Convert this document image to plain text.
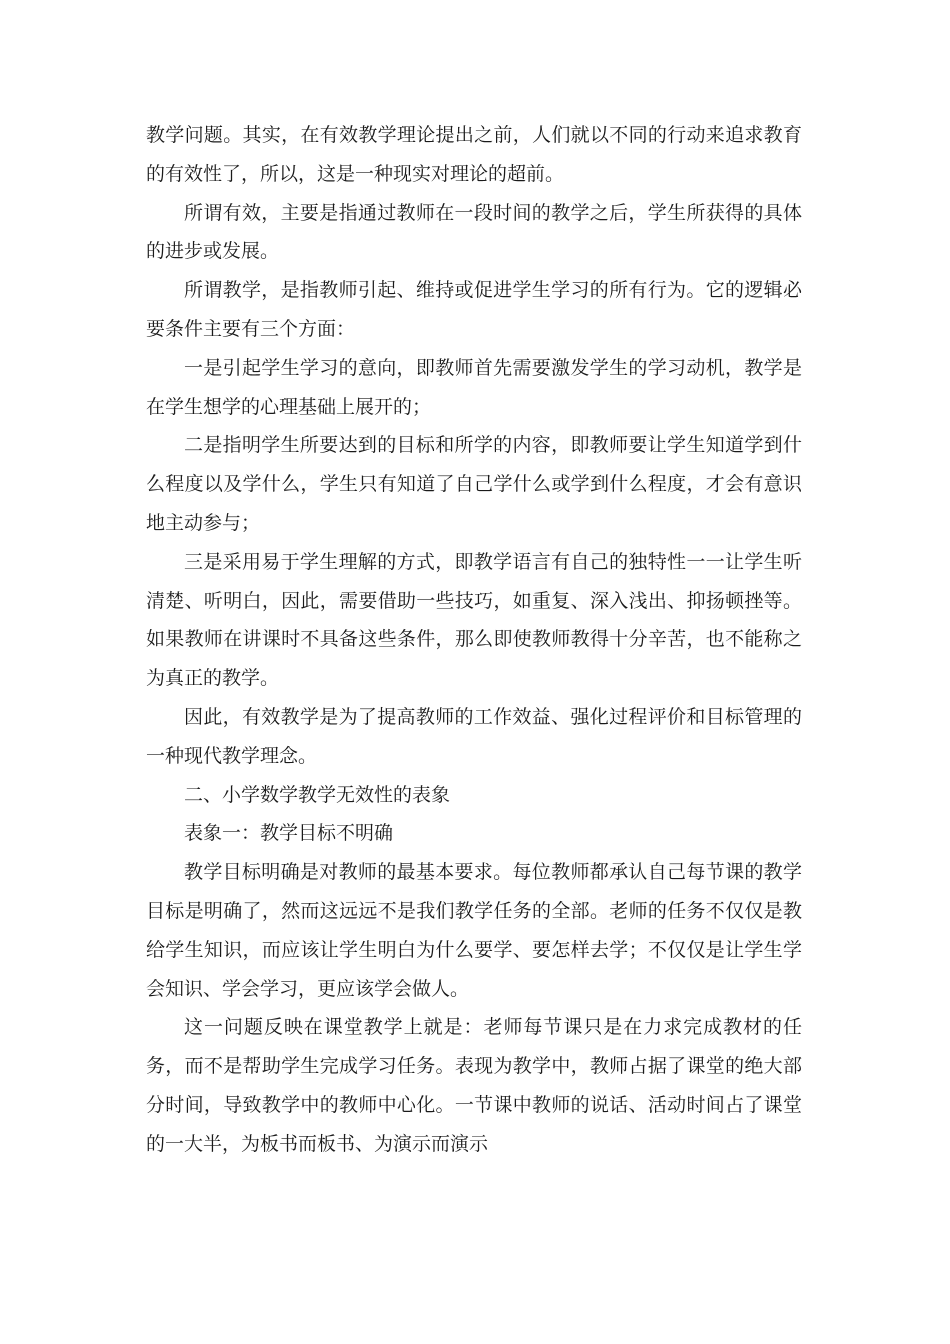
教学问题。其实，在有效教学理论提出之前，人们就以不同的行动来追求教育的有效性了，所以，这是一种现实对理论的超前。

所谓有效，主要是指通过教师在一段时间的教学之后，学生所获得的具体的进步或发展。

所谓教学，是指教师引起、维持或促进学生学习的所有行为。它的逻辑必要条件主要有三个方面：

一是引起学生学习的意向，即教师首先需要激发学生的学习动机，教学是在学生想学的心理基础上展开的；

二是指明学生所要达到的目标和所学的内容，即教师要让学生知道学到什么程度以及学什么，学生只有知道了自己学什么或学到什么程度，才会有意识地主动参与；

三是采用易于学生理解的方式，即教学语言有自己的独特性一一让学生听清楚、听明白，因此，需要借助一些技巧，如重复、深入浅出、抑扬顿挫等。如果教师在讲课时不具备这些条件，那么即使教师教得十分辛苦，也不能称之为真正的教学。

因此，有效教学是为了提高教师的工作效益、强化过程评价和目标管理的一种现代教学理念。

二、小学数学教学无效性的表象

表象一：教学目标不明确

教学目标明确是对教师的最基本要求。每位教师都承认自己每节课的教学目标是明确了，然而这远远不是我们教学任务的全部。老师的任务不仅仅是教给学生知识，而应该让学生明白为什么要学、要怎样去学；不仅仅是让学生学会知识、学会学习，更应该学会做人。

这一问题反映在课堂教学上就是：老师每节课只是在力求完成教材的任务，而不是帮助学生完成学习任务。表现为教学中，教师占据了课堂的绝大部分时间，导致教学中的教师中心化。一节课中教师的说话、活动时间占了课堂的一大半，为板书而板书、为演示而演示
